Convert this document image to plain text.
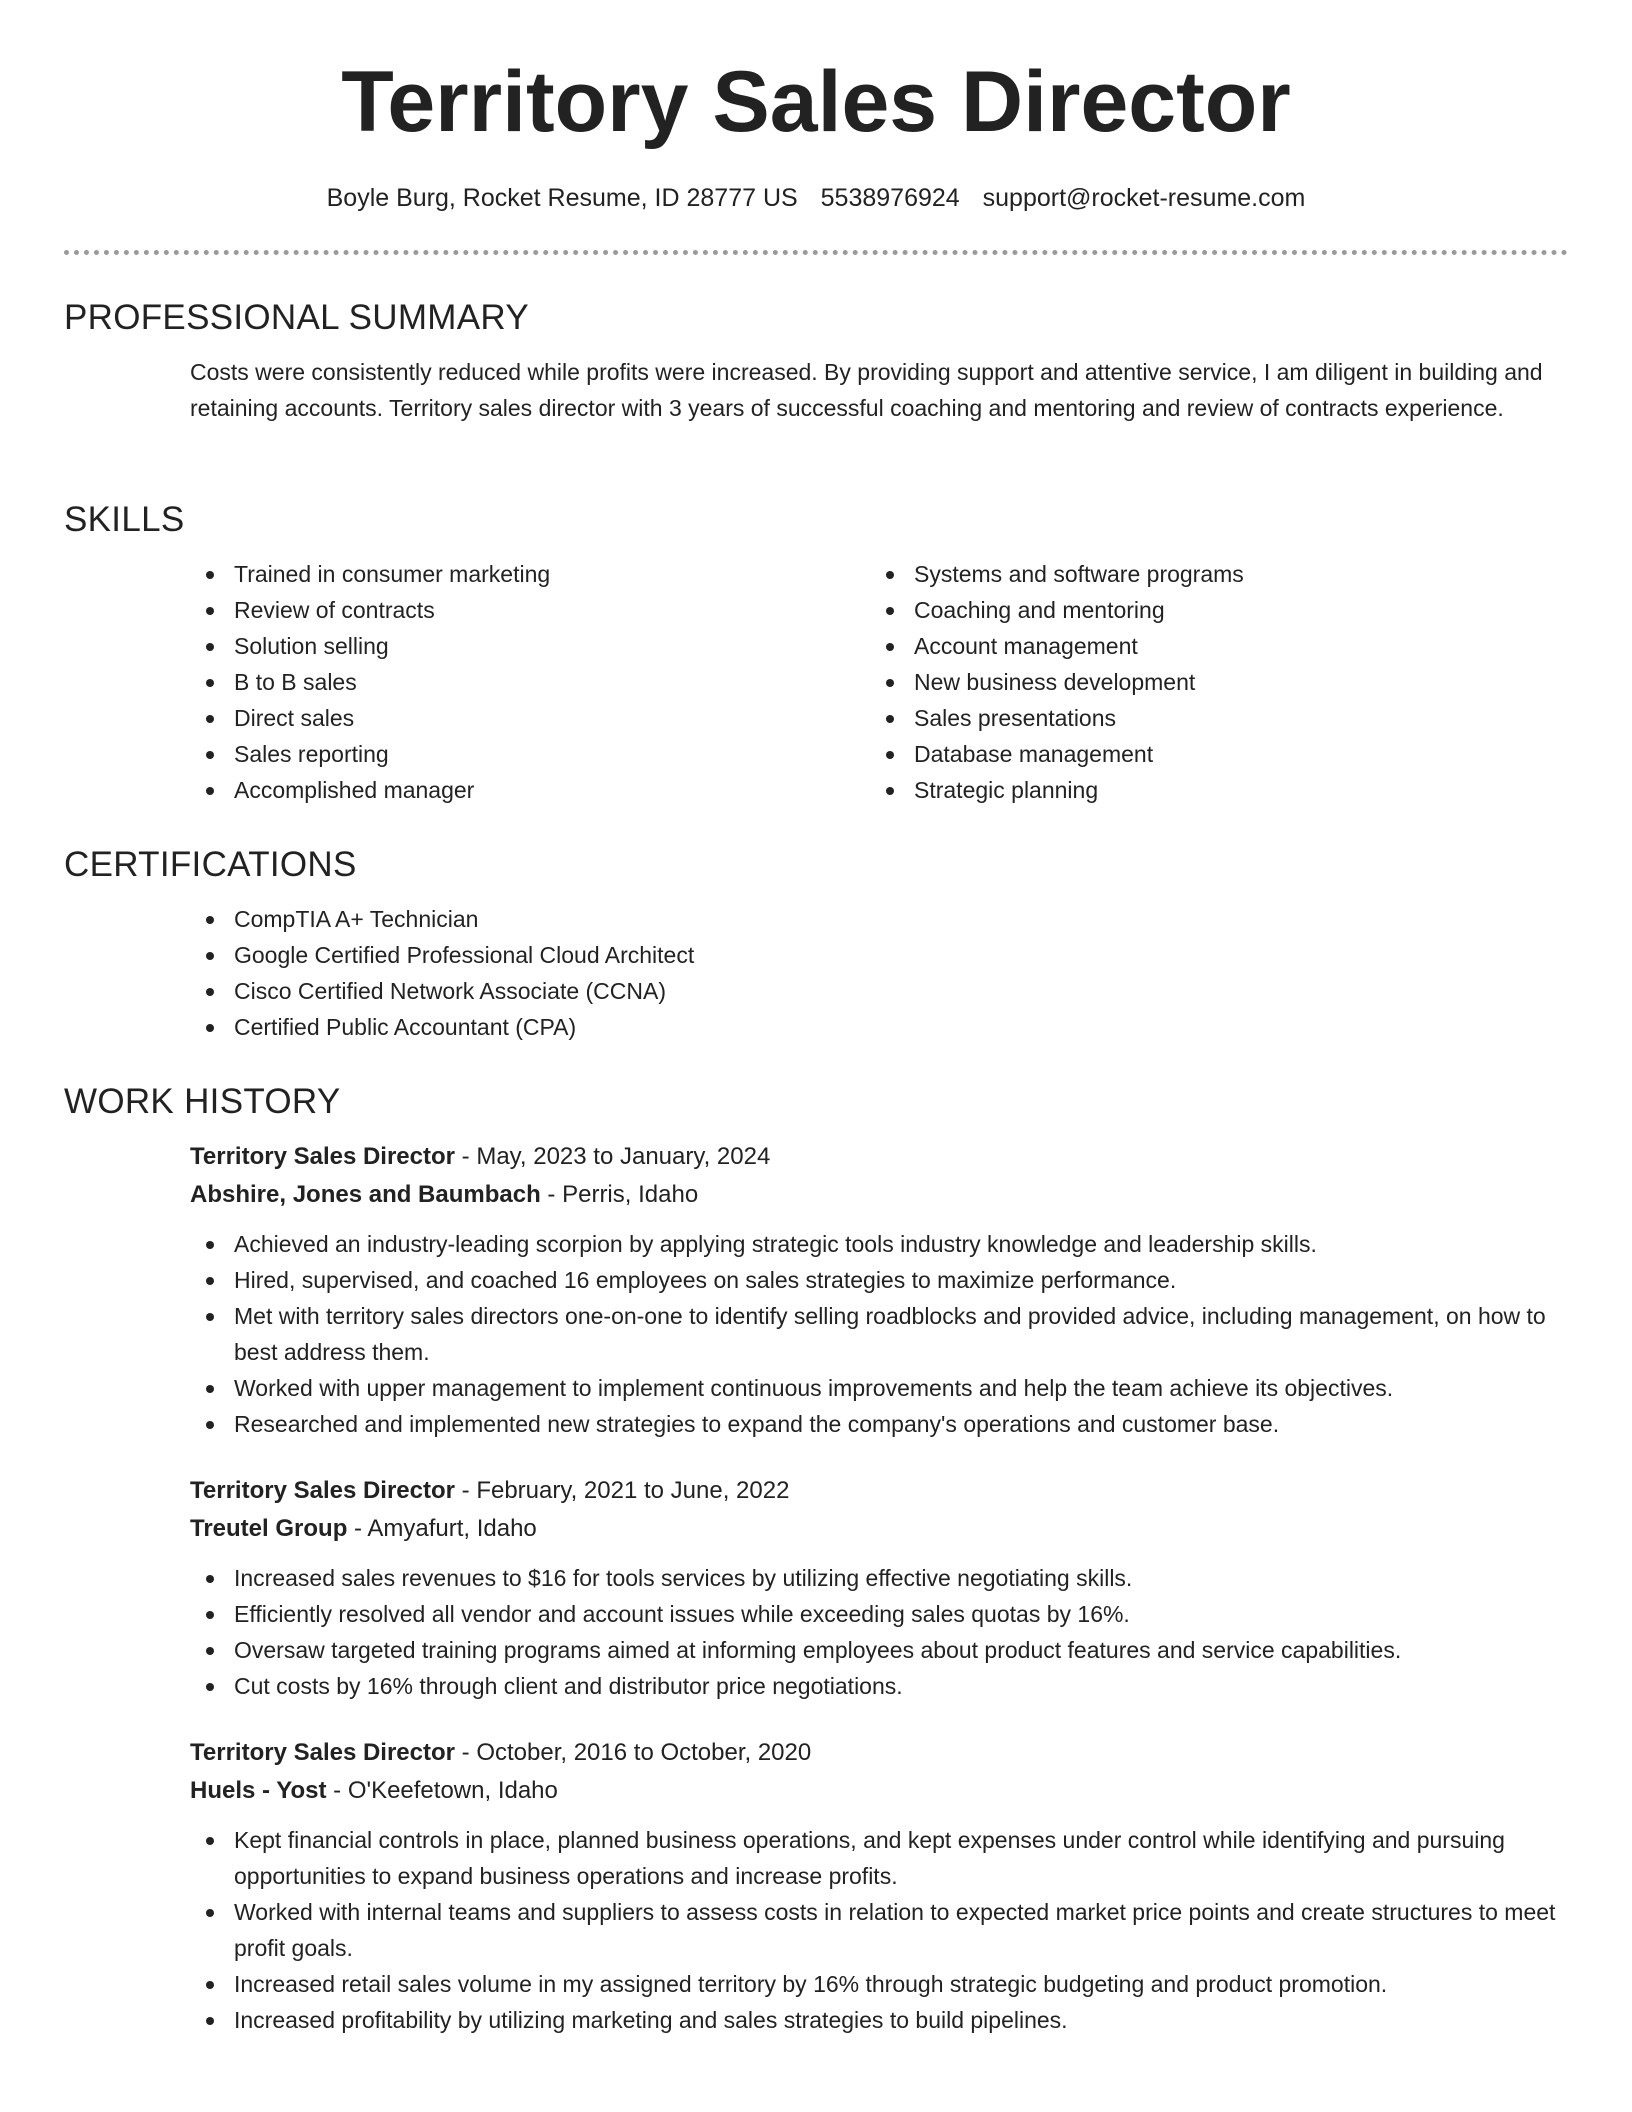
Territory Sales Director
Boyle Burg, Rocket Resume, ID 28777 US 5538976924 support@rocket-resume.com
PROFESSIONAL SUMMARY
Costs were consistently reduced while profits were increased. By providing support and attentive service, I am diligent in building and retaining accounts. Territory sales director with 3 years of successful coaching and mentoring and review of contracts experience.
SKILLS
Trained in consumer marketing
Review of contracts
Solution selling
B to B sales
Direct sales
Sales reporting
Accomplished manager
Systems and software programs
Coaching and mentoring
Account management
New business development
Sales presentations
Database management
Strategic planning
CERTIFICATIONS
CompTIA A+ Technician
Google Certified Professional Cloud Architect
Cisco Certified Network Associate (CCNA)
Certified Public Accountant (CPA)
WORK HISTORY
Territory Sales Director - May, 2023 to January, 2024
Abshire, Jones and Baumbach - Perris, Idaho
Achieved an industry-leading scorpion by applying strategic tools industry knowledge and leadership skills.
Hired, supervised, and coached 16 employees on sales strategies to maximize performance.
Met with territory sales directors one-on-one to identify selling roadblocks and provided advice, including management, on how to best address them.
Worked with upper management to implement continuous improvements and help the team achieve its objectives.
Researched and implemented new strategies to expand the company's operations and customer base.
Territory Sales Director - February, 2021 to June, 2022
Treutel Group - Amyafurt, Idaho
Increased sales revenues to $16 for tools services by utilizing effective negotiating skills.
Efficiently resolved all vendor and account issues while exceeding sales quotas by 16%.
Oversaw targeted training programs aimed at informing employees about product features and service capabilities.
Cut costs by 16% through client and distributor price negotiations.
Territory Sales Director - October, 2016 to October, 2020
Huels - Yost - O'Keefetown, Idaho
Kept financial controls in place, planned business operations, and kept expenses under control while identifying and pursuing opportunities to expand business operations and increase profits.
Worked with internal teams and suppliers to assess costs in relation to expected market price points and create structures to meet profit goals.
Increased retail sales volume in my assigned territory by 16% through strategic budgeting and product promotion.
Increased profitability by utilizing marketing and sales strategies to build pipelines.
